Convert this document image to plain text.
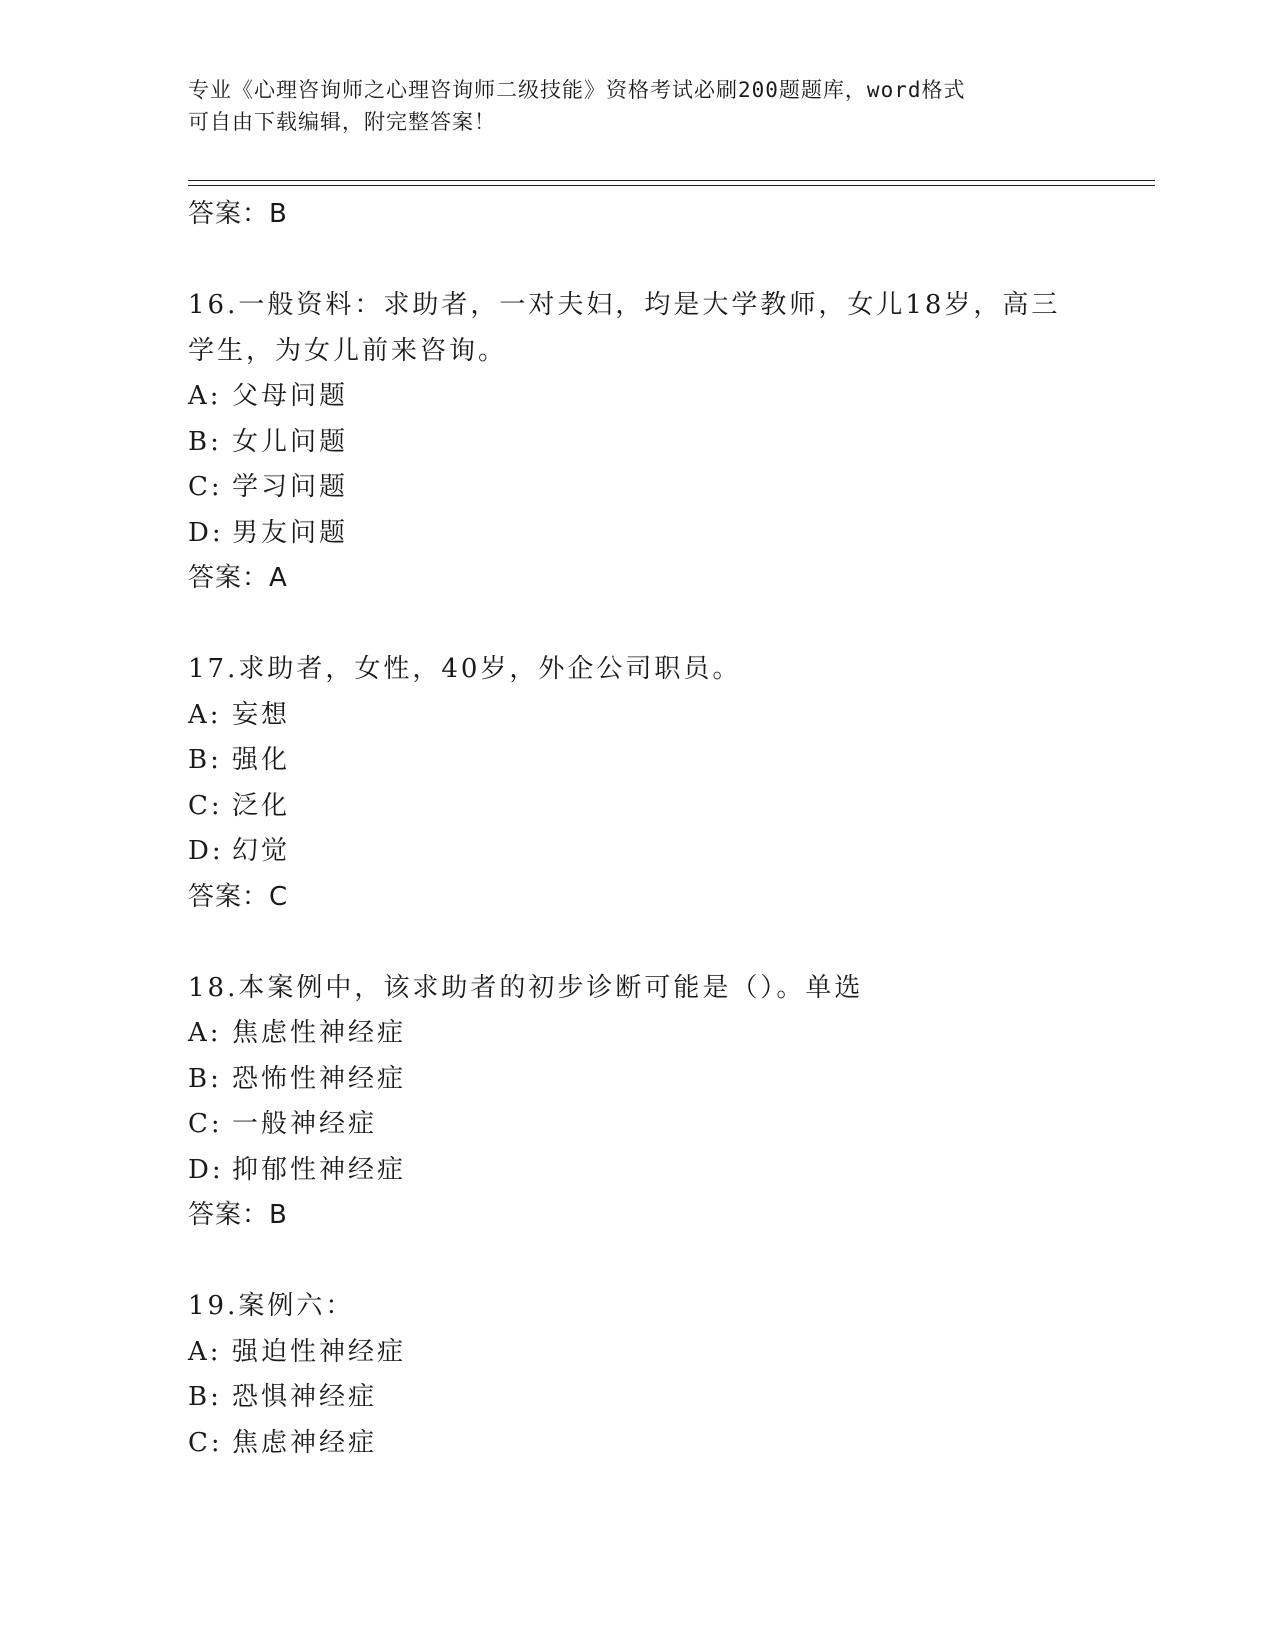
专业《心理咨询师之心理咨询师二级技能》资格考试必刷200题题库，word格式
可自由下载编辑，附完整答案！
答案：B
16.一般资料：求助者，一对夫妇，均是大学教师，女儿18岁，高三
学生，为女儿前来咨询。
A: 父母问题
B: 女儿问题
C: 学习问题
D: 男友问题
答案：A
17.求助者，女性，40岁，外企公司职员。
A: 妄想
B: 强化
C: 泛化
D: 幻觉
答案：C
18.本案例中，该求助者的初步诊断可能是（）。单选
A: 焦虑性神经症
B: 恐怖性神经症
C: 一般神经症
D: 抑郁性神经症
答案：B
19.案例六：
A: 强迫性神经症
B: 恐惧神经症
C: 焦虑神经症
